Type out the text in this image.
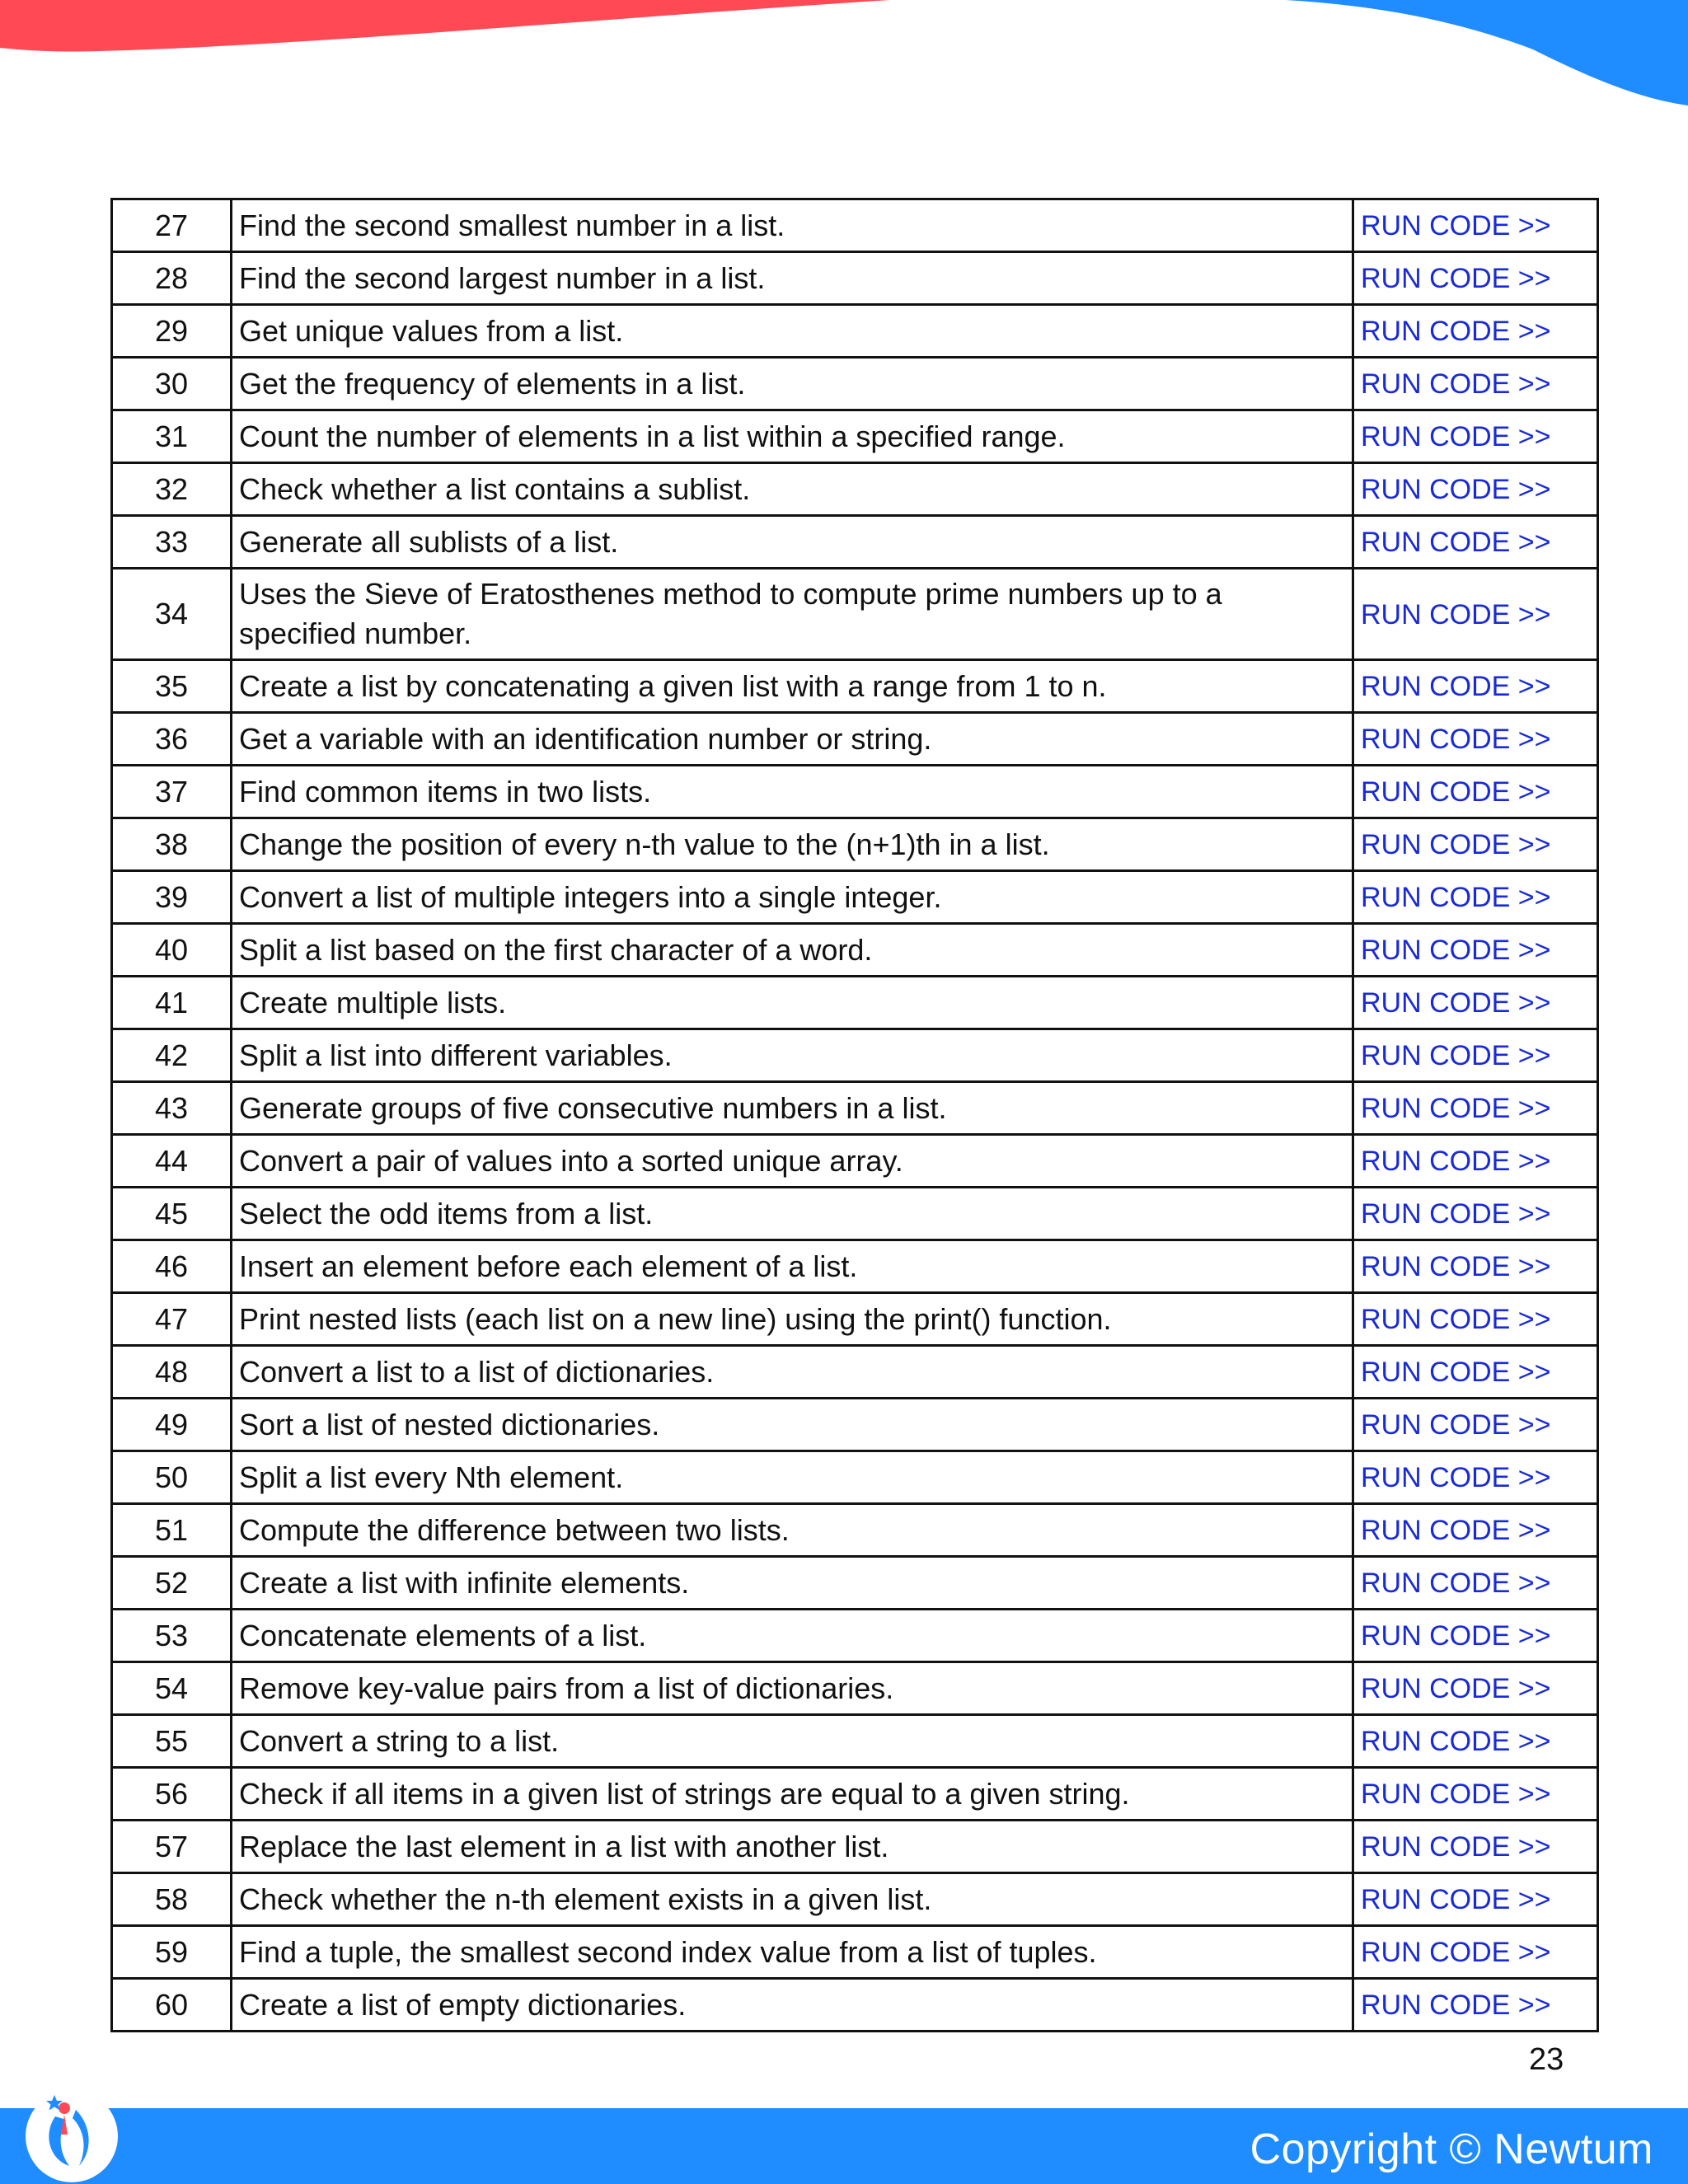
27	Find the second smallest number in a list.	RUN CODE >>
28	Find the second largest number in a list.	RUN CODE >>
29	Get unique values from a list.	RUN CODE >>
30	Get the frequency of elements in a list.	RUN CODE >>
31	Count the number of elements in a list within a specified range.	RUN CODE >>
32	Check whether a list contains a sublist.	RUN CODE >>
33	Generate all sublists of a list.	RUN CODE >>
34	Uses the Sieve of Eratosthenes method to compute prime numbers up to a specified number.	RUN CODE >>
35	Create a list by concatenating a given list with a range from 1 to n.	RUN CODE >>
36	Get a variable with an identification number or string.	RUN CODE >>
37	Find common items in two lists.	RUN CODE >>
38	Change the position of every n-th value to the (n+1)th in a list.	RUN CODE >>
39	Convert a list of multiple integers into a single integer.	RUN CODE >>
40	Split a list based on the first character of a word.	RUN CODE >>
41	Create multiple lists.	RUN CODE >>
42	Split a list into different variables.	RUN CODE >>
43	Generate groups of five consecutive numbers in a list.	RUN CODE >>
44	Convert a pair of values into a sorted unique array.	RUN CODE >>
45	Select the odd items from a list.	RUN CODE >>
46	Insert an element before each element of a list.	RUN CODE >>
47	Print nested lists (each list on a new line) using the print() function.	RUN CODE >>
48	Convert a list to a list of dictionaries.	RUN CODE >>
49	Sort a list of nested dictionaries.	RUN CODE >>
50	Split a list every Nth element.	RUN CODE >>
51	Compute the difference between two lists.	RUN CODE >>
52	Create a list with infinite elements.	RUN CODE >>
53	Concatenate elements of a list.	RUN CODE >>
54	Remove key-value pairs from a list of dictionaries.	RUN CODE >>
55	Convert a string to a list.	RUN CODE >>
56	Check if all items in a given list of strings are equal to a given string.	RUN CODE >>
57	Replace the last element in a list with another list.	RUN CODE >>
58	Check whether the n-th element exists in a given list.	RUN CODE >>
59	Find a tuple, the smallest second index value from a list of tuples.	RUN CODE >>
60	Create a list of empty dictionaries.	RUN CODE >>
23
Copyright © Newtum
